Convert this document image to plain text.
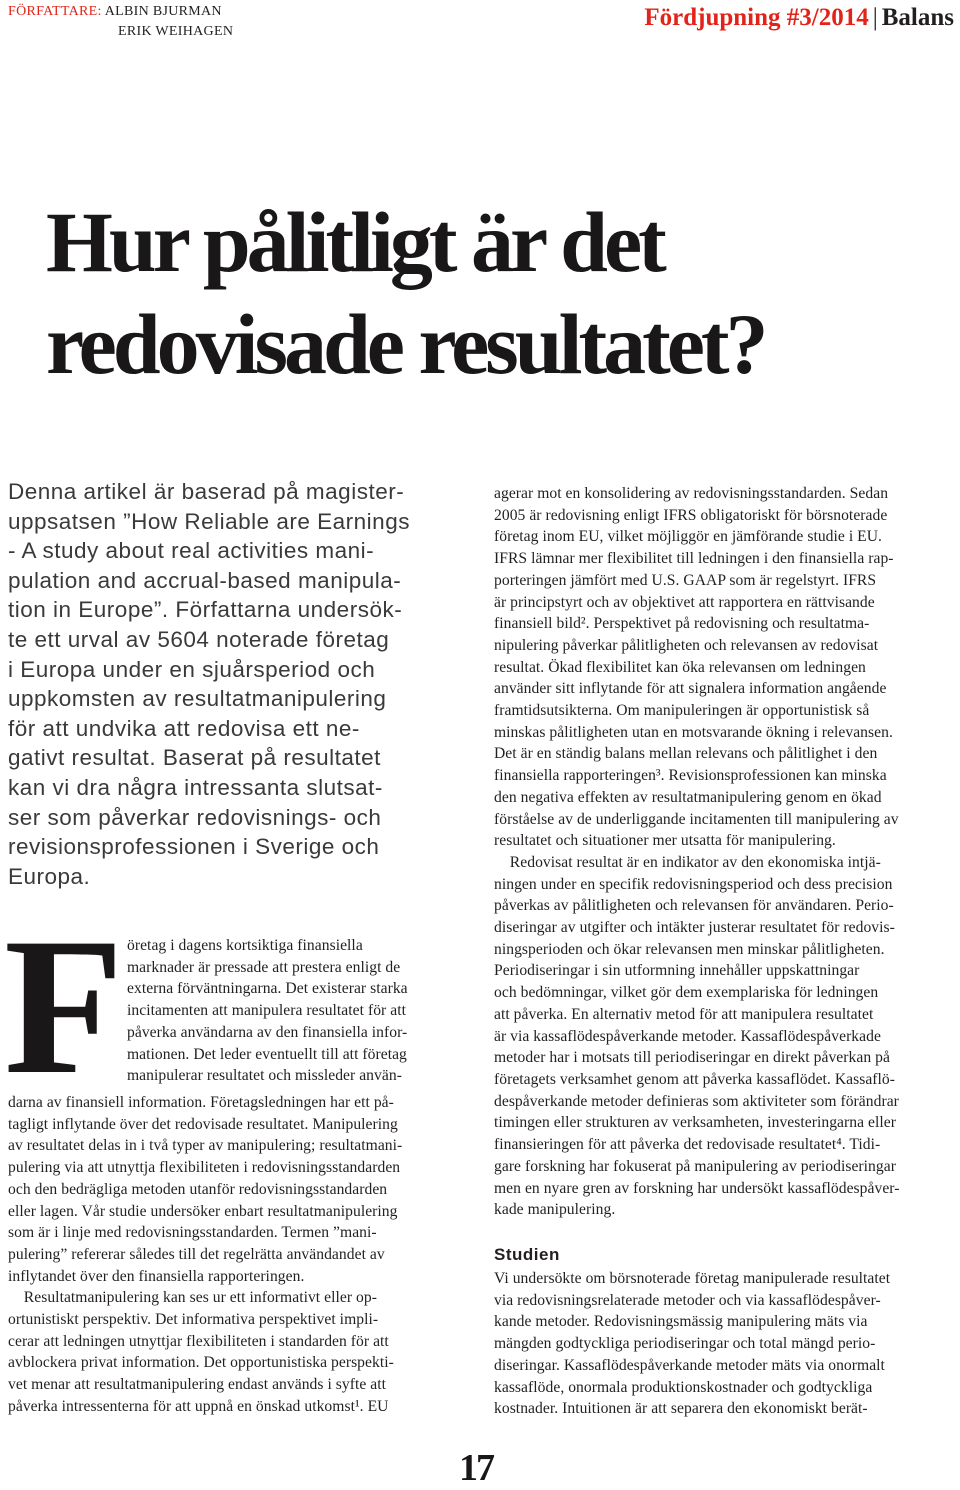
FÖRFATTARE: ALBIN BJURMAN
ERIK WEIHAGEN
Fördjupning #3/2014 | Balans
Hur pålitligt är det
redovisade resultatet?
Denna artikel är baserad på magister-
uppsatsen ”How Reliable are Earnings
- A study about real activities mani-
pulation and accrual-based manipula-
tion in Europe”. Författarna undersök-
te ett urval av 5604 noterade företag
i Europa under en sjuårsperiod och
uppkomsten av resultatmanipulering
för att undvika att redovisa ett ne-
gativt resultat. Baserat på resultatet
kan vi dra några intressanta slutsat-
ser som påverkar redovisnings- och
revisionsprofessionen i Sverige och
Europa.
F öretag i dagens kortsiktiga finansiella
marknader är pressade att prestera enligt de
externa förväntningarna. Det existerar starka
incitamenten att manipulera resultatet för att
påverka användarna av den finansiella infor-
mationen. Det leder eventuellt till att företag
manipulerar resultatet och missleder använ-
darna av finansiell information. Företagsledningen har ett på-
tagligt inflytande över det redovisade resultatet. Manipulering
av resultatet delas in i två typer av manipulering; resultatmani-
pulering via att utnyttja flexibiliteten i redovisningsstandarden
och den bedrägliga metoden utanför redovisningsstandarden
eller lagen. Vår studie undersöker enbart resultatmanipulering
som är i linje med redovisningsstandarden. Termen ”mani-
pulering” refererar således till det regelrätta användandet av
inflytandet över den finansiella rapporteringen.
Resultatmanipulering kan ses ur ett informativt eller op-
ortunistiskt perspektiv. Det informativa perspektivet impli-
cerar att ledningen utnyttjar flexibiliteten i standarden för att
avblockera privat information. Det opportunistiska perspekti-
vet menar att resultatmanipulering endast används i syfte att
påverka intressenterna för att uppnå en önskad utkomst¹. EU
agerar mot en konsolidering av redovisningsstandarden. Sedan
2005 är redovisning enligt IFRS obligatoriskt för börsnoterade
företag inom EU, vilket möjliggör en jämförande studie i EU.
IFRS lämnar mer flexibilitet till ledningen i den finansiella rap-
porteringen jämfört med U.S. GAAP som är regelstyrt. IFRS
är principstyrt och av objektivet att rapportera en rättvisande
finansiell bild². Perspektivet på redovisning och resultatma-
nipulering påverkar pålitligheten och relevansen av redovisat
resultat. Ökad flexibilitet kan öka relevansen om ledningen
använder sitt inflytande för att signalera information angående
framtidsutsikterna. Om manipuleringen är opportunistisk så
minskas pålitligheten utan en motsvarande ökning i relevansen.
Det är en ständig balans mellan relevans och pålitlighet i den
finansiella rapporteringen³. Revisionsprofessionen kan minska
den negativa effekten av resultatmanipulering genom en ökad
förståelse av de underliggande incitamenten till manipulering av
resultatet och situationer mer utsatta för manipulering.
Redovisat resultat är en indikator av den ekonomiska intjä-
ningen under en specifik redovisningsperiod och dess precision
påverkas av pålitligheten och relevansen för användaren. Perio-
diseringar av utgifter och intäkter justerar resultatet för redovis-
ningsperioden och ökar relevansen men minskar pålitligheten.
Periodiseringar i sin utformning innehåller uppskattningar
och bedömningar, vilket gör dem exemplariska för ledningen
att påverka. En alternativ metod för att manipulera resultatet
är via kassaflödespåverkande metoder. Kassaflödespåverkade
metoder har i motsats till periodiseringar en direkt påverkan på
företagets verksamhet genom att påverka kassaflödet. Kassaflö-
despåverkande metoder definieras som aktiviteter som förändrar
timingen eller strukturen av verksamheten, investeringarna eller
finansieringen för att påverka det redovisade resultatet⁴. Tidi-
gare forskning har fokuserat på manipulering av periodiseringar
men en nyare gren av forskning har undersökt kassaflödespåver-
kade manipulering.
Studien
Vi undersökte om börsnoterade företag manipulerade resultatet
via redovisningsrelaterade metoder och via kassaflödespåver-
kande metoder. Redovisningsmässig manipulering mäts via
mängden godtyckliga periodiseringar och total mängd perio-
diseringar. Kassaflödespåverkande metoder mäts via onormalt
kassaflöde, onormala produktionskostnader och godtyckliga
kostnader. Intuitionen är att separera den ekonomiskt berät-
17
